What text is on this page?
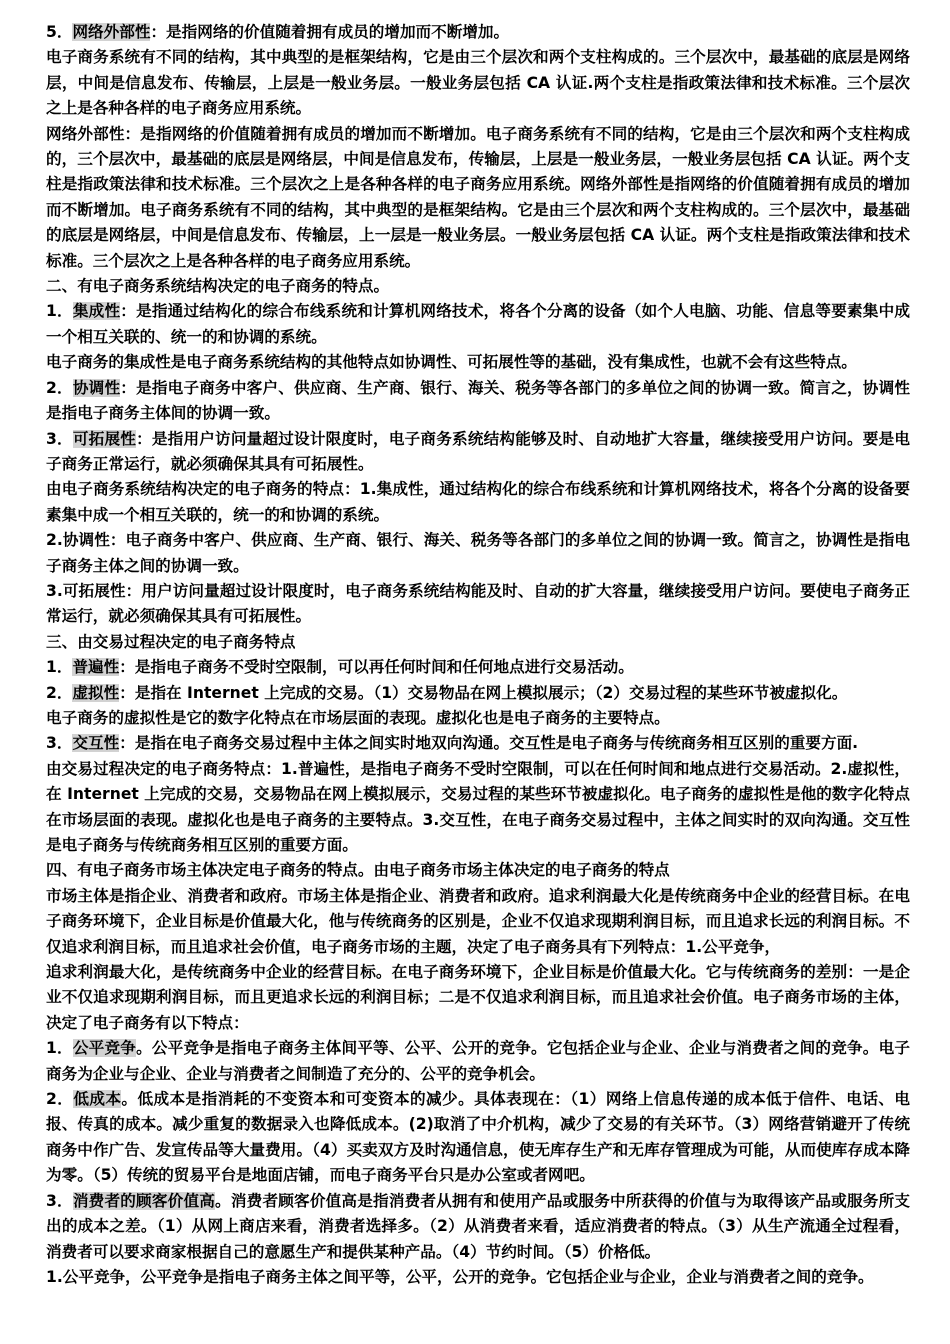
5．网络外部性：是指网络的价值随着拥有成员的增加而不断增加。

电子商务系统有不同的结构，其中典型的是框架结构，它是由三个层次和两个支柱构成的。三个层次中，最基础的底层是网络层，中间是信息发布、传输层，上层是一般业务层。一般业务层包括 CA 认证.两个支柱是指政策法律和技术标准。三个层次之上是各种各样的电子商务应用系统。

网络外部性：是指网络的价值随着拥有成员的增加而不断增加。电子商务系统有不同的结构，它是由三个层次和两个支柱构成的，三个层次中，最基础的底层是网络层，中间是信息发布，传输层，上层是一般业务层，一般业务层包括 CA 认证。两个支柱是指政策法律和技术标准。三个层次之上是各种各样的电子商务应用系统。网络外部性是指网络的价值随着拥有成员的增加而不断增加。电子商务系统有不同的结构，其中典型的是框架结构。它是由三个层次和两个支柱构成的。三个层次中，最基础的底层是网络层，中间是信息发布、传输层，上一层是一般业务层。一般业务层包括 CA 认证。两个支柱是指政策法律和技术标准。三个层次之上是各种各样的电子商务应用系统。

二、有电子商务系统结构决定的电子商务的特点。

1．集成性：是指通过结构化的综合布线系统和计算机网络技术，将各个分离的设备（如个人电脑、功能、信息等要素集中成一个相互关联的、统一的和协调的系统。

电子商务的集成性是电子商务系统结构的其他特点如协调性、可拓展性等的基础，没有集成性，也就不会有这些特点。

2．协调性：是指电子商务中客户、供应商、生产商、银行、海关、税务等各部门的多单位之间的协调一致。简言之，协调性是指电子商务主体间的协调一致。

3．可拓展性：是指用户访问量超过设计限度时，电子商务系统结构能够及时、自动地扩大容量，继续接受用户访问。要是电子商务正常运行，就必须确保其具有可拓展性。

由电子商务系统结构决定的电子商务的特点：1.集成性，通过结构化的综合布线系统和计算机网络技术，将各个分离的设备要素集中成一个相互关联的，统一的和协调的系统。

2.协调性：电子商务中客户、供应商、生产商、银行、海关、税务等各部门的多单位之间的协调一致。简言之，协调性是指电子商务主体之间的协调一致。

3.可拓展性：用户访问量超过设计限度时，电子商务系统结构能及时、自动的扩大容量，继续接受用户访问。要使电子商务正常运行，就必须确保其具有可拓展性。

三、由交易过程决定的电子商务特点

1．普遍性：是指电子商务不受时空限制，可以再任何时间和任何地点进行交易活动。

2．虚拟性：是指在 Internet 上完成的交易。（1）交易物品在网上模拟展示；（2）交易过程的某些环节被虚拟化。

电子商务的虚拟性是它的数字化特点在市场层面的表现。虚拟化也是电子商务的主要特点。

3．交互性：是指在电子商务交易过程中主体之间实时地双向沟通。交互性是电子商务与传统商务相互区别的重要方面.

由交易过程决定的电子商务特点：1.普遍性，是指电子商务不受时空限制，可以在任何时间和地点进行交易活动。2.虚拟性，在 Internet 上完成的交易，交易物品在网上模拟展示，交易过程的某些环节被虚拟化。电子商务的虚拟性是他的数字化特点在市场层面的表现。虚拟化也是电子商务的主要特点。3.交互性，在电子商务交易过程中，主体之间实时的双向沟通。交互性是电子商务与传统商务相互区别的重要方面。

四、有电子商务市场主体决定电子商务的特点。由电子商务市场主体决定的电子商务的特点

市场主体是指企业、消费者和政府。市场主体是指企业、消费者和政府。追求利润最大化是传统商务中企业的经营目标。在电子商务环境下，企业目标是价值最大化，他与传统商务的区别是，企业不仅追求现期利润目标，而且追求长远的利润目标。不仅追求利润目标，而且追求社会价值，电子商务市场的主题，决定了电子商务具有下列特点：1.公平竞争，

追求利润最大化，是传统商务中企业的经营目标。在电子商务环境下，企业目标是价值最大化。它与传统商务的差别：一是企业不仅追求现期利润目标，而且更追求长远的利润目标；二是不仅追求利润目标，而且追求社会价值。电子商务市场的主体，决定了电子商务有以下特点：

1．公平竞争。公平竞争是指电子商务主体间平等、公平、公开的竞争。它包括企业与企业、企业与消费者之间的竞争。电子商务为企业与企业、企业与消费者之间制造了充分的、公平的竞争机会。

2．低成本。低成本是指消耗的不变资本和可变资本的减少。具体表现在：（1）网络上信息传递的成本低于信件、电话、电报、传真的成本。减少重复的数据录入也降低成本。(2)取消了中介机构，减少了交易的有关环节。（3）网络营销避开了传统商务中作广告、发宣传品等大量费用。（4）买卖双方及时沟通信息，使无库存生产和无库存管理成为可能，从而使库存成本降为零。（5）传统的贸易平台是地面店铺，而电子商务平台只是办公室或者网吧。

3．消费者的顾客价值高。消费者顾客价值高是指消费者从拥有和使用产品或服务中所获得的价值与为取得该产品或服务所支出的成本之差。（1）从网上商店来看，消费者选择多。（2）从消费者来看，适应消费者的特点。（3）从生产流通全过程看，消费者可以要求商家根据自己的意愿生产和提供某种产品。（4）节约时间。（5）价格低。

1.公平竞争，公平竞争是指电子商务主体之间平等，公平，公开的竞争。它包括企业与企业，企业与消费者之间的竞争。
